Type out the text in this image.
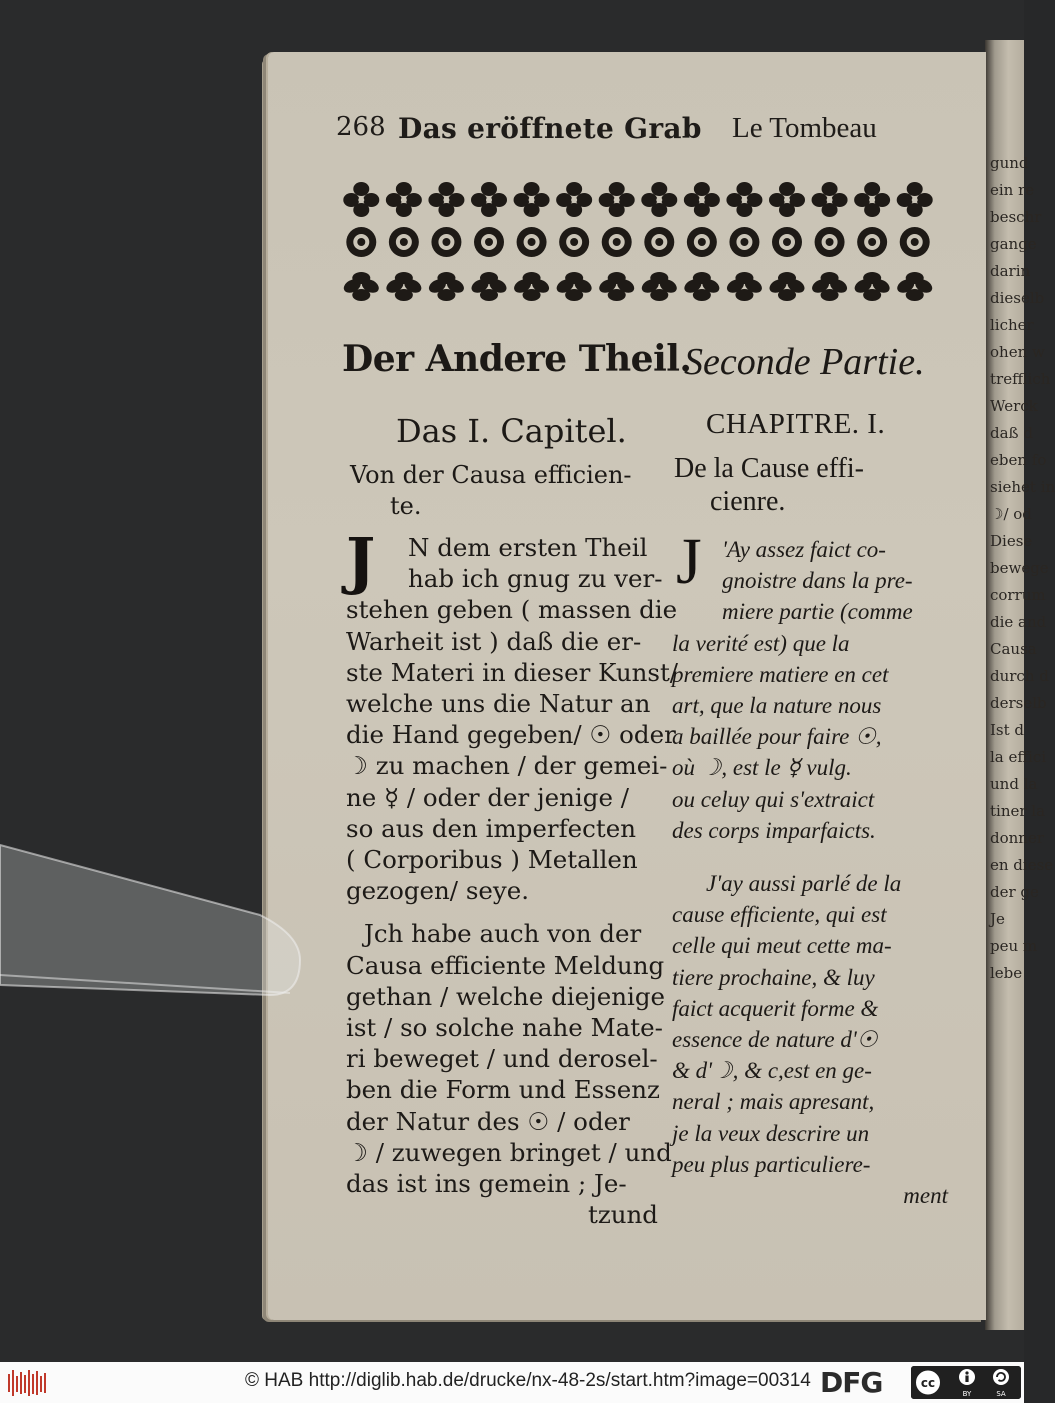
gund
ein re
beschr
gange
darin
dieselb
licher
ohen w
trefflich
Werck
daß d
eben fo
siehet in
☽/ od
Diese
bewege
corrum
die and
Causa
durch d
derselb
Ist d
la effici
und la
tiner la
donner
en diese
der ge
Je
peu m
lebe
268 Das eröffnete Grab Le Tombeau
Der Andere Theil.
Seconde Partie.
Das I. Capitel.	CHAPITRE. I.
Von der Causa efficien-
te.
De la Cause effi-
cienre.
J	J
N dem ersten Theil
hab ich gnug zu ver-
stehen geben ( massen die
Warheit ist ) daß die er-
ste Materi in dieser Kunst/
welche uns die Natur an
die Hand gegeben/ ☉ oder
☽ zu machen / der gemei-
ne ☿ / oder der jenige /
so aus den imperfecten
( Corporibus ) Metallen
gezogen/ seye.
Jch habe auch von der
Causa efficiente Meldung
gethan / welche diejenige
ist / so solche nahe Mate-
ri beweget / und derosel-
ben die Form und Essenz
der Natur des ☉ / oder
☽ / zuwegen bringet / und
das ist ins gemein ; Je-
tzund
'Ay assez faict co-
gnoistre dans la pre-
miere partie (comme
la verité est) que la
premiere matiere en cet
art, que la nature nous
a baillée pour faire ☉,
où ☽, est le ☿ vulg.
ou celuy qui s'extraict
des corps imparfaicts.
J'ay aussi parlé de la
cause efficiente, qui est
celle qui meut cette ma-
tiere prochaine, & luy
faict acquerit forme &
essence de nature d'☉
& d'☽, & c,est en ge-
neral ; mais apresant,
je la veux descrire un
peu plus particuliere-
ment
© HAB http://diglib.hab.de/drucke/nx-48-2s/start.htm?image=00314 DFG	cc
BY	SA
